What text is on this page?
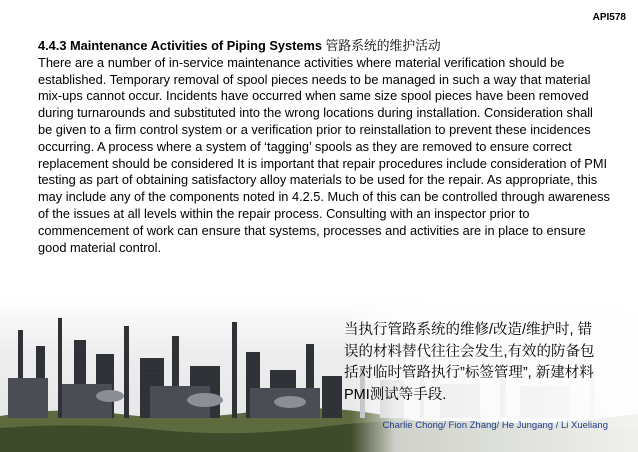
API578
4.4.3 Maintenance Activities of Piping Systems 管路系统的维护活动
There are a number of in-service maintenance activities where material verification should be established. Temporary removal of spool pieces needs to be managed in such a way that material mix-ups cannot occur. Incidents have occurred when same size spool pieces have been removed during turnarounds and substituted into the wrong locations during installation. Consideration shall be given to a firm control system or a verification prior to reinstallation to prevent these incidences occurring. A process where a system of ‘tagging’ spools as they are removed to ensure correct replacement should be considered It is important that repair procedures include consideration of PMI testing as part of obtaining satisfactory alloy materials to be used for the repair. As appropriate, this may include any of the components noted in 4.2.5. Much of this can be controlled through awareness of the issues at all levels within the repair process. Consulting with an inspector prior to commencement of work can ensure that systems, processes and activities are in place to ensure good material control.
当执行管路系统的维修/改造/维护时, 错误的材料替代往往会发生,有效的防备包括对临时管路执行”标签管理”, 新建材料PMI测试等手段.
Charlie Chong/ Fion Zhang/ He Jungang / Li Xueliang
